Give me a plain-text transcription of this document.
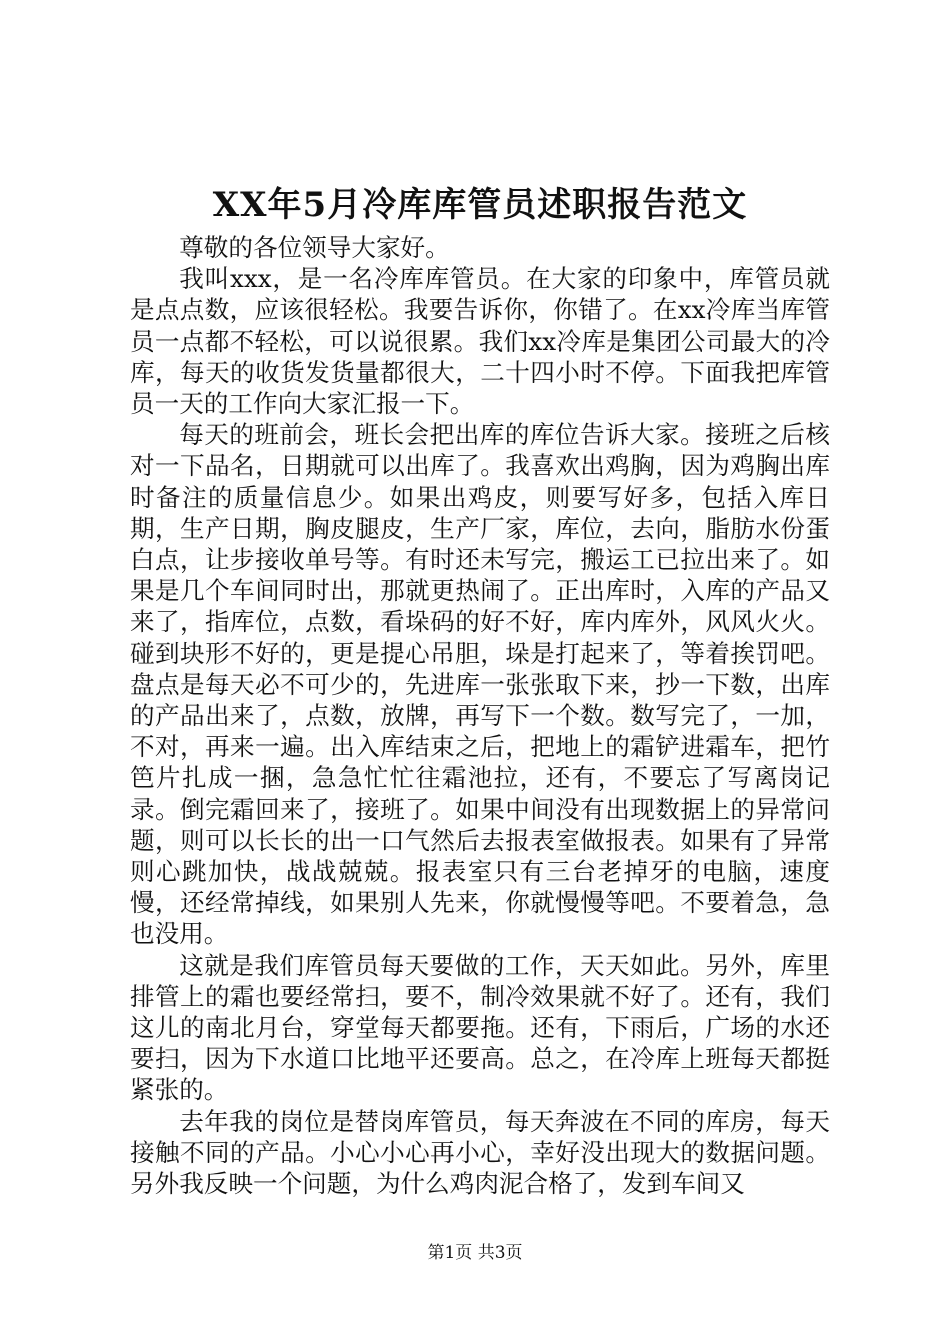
XX年5月冷库库管员述职报告范文

尊敬的各位领导大家好。

我叫xxx，是一名冷库库管员。在大家的印象中，库管员就是点点数，应该很轻松。我要告诉你，你错了。在xx冷库当库管员一点都不轻松，可以说很累。我们xx冷库是集团公司最大的冷库，每天的收货发货量都很大，二十四小时不停。下面我把库管员一天的工作向大家汇报一下。

每天的班前会，班长会把出库的库位告诉大家。接班之后核对一下品名，日期就可以出库了。我喜欢出鸡胸，因为鸡胸出库时备注的质量信息少。如果出鸡皮，则要写好多，包括入库日期，生产日期，胸皮腿皮，生产厂家，库位，去向，脂肪水份蛋白点，让步接收单号等。有时还未写完，搬运工已拉出来了。如果是几个车间同时出，那就更热闹了。正出库时，入库的产品又来了，指库位，点数，看垛码的好不好，库内库外，风风火火。碰到块形不好的，更是提心吊胆，垛是打起来了，等着挨罚吧。盘点是每天必不可少的，先进库一张张取下来，抄一下数，出库的产品出来了，点数，放牌，再写下一个数。数写完了，一加，不对，再来一遍。出入库结束之后，把地上的霜铲进霜车，把竹笆片扎成一捆，急急忙忙往霜池拉，还有，不要忘了写离岗记录。倒完霜回来了，接班了。如果中间没有出现数据上的异常问题，则可以长长的出一口气然后去报表室做报表。如果有了异常则心跳加快，战战兢兢。报表室只有三台老掉牙的电脑，速度慢，还经常掉线，如果别人先来，你就慢慢等吧。不要着急，急也没用。

这就是我们库管员每天要做的工作，天天如此。另外，库里排管上的霜也要经常扫，要不，制冷效果就不好了。还有，我们这儿的南北月台，穿堂每天都要拖。还有，下雨后，广场的水还要扫，因为下水道口比地平还要高。总之，在冷库上班每天都挺紧张的。

去年我的岗位是替岗库管员，每天奔波在不同的库房，每天接触不同的产品。小心小心再小心，幸好没出现大的数据问题。另外我反映一个问题，为什么鸡肉泥合格了，发到车间又

第1页 共3页
